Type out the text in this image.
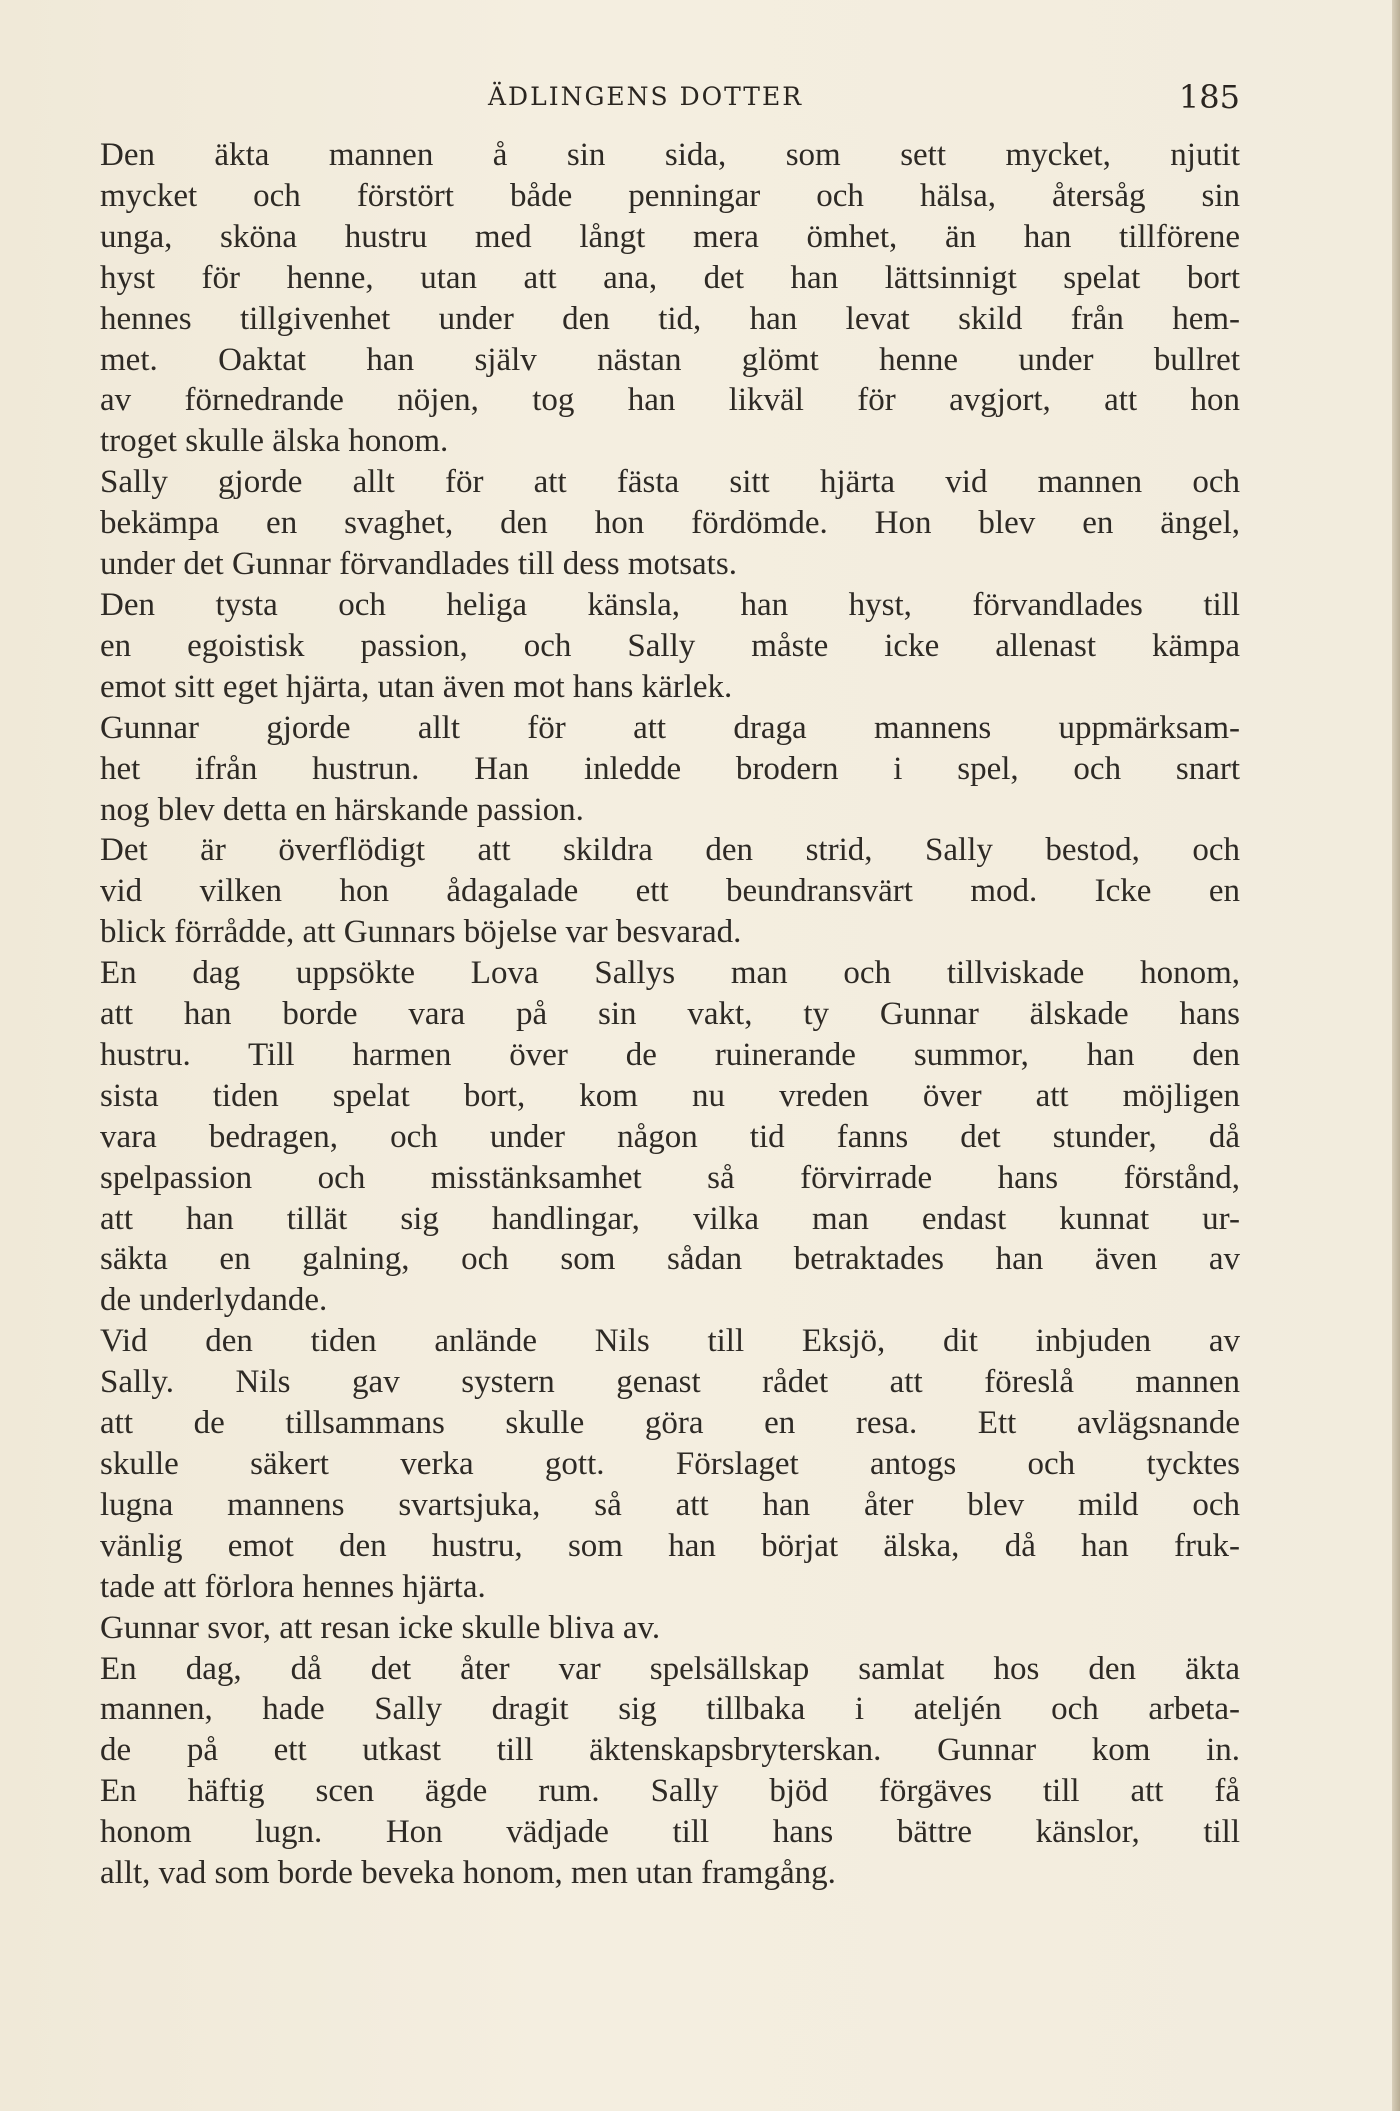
ÄDLINGENS DOTTER	185

Den äkta mannen å sin sida, som sett mycket, njutit
mycket och förstört både penningar och hälsa, återsåg sin
unga, sköna hustru med långt mera ömhet, än han tillförene
hyst för henne, utan att ana, det han lättsinnigt spelat bort
hennes tillgivenhet under den tid, han levat skild från hem-
met. Oaktat han själv nästan glömt henne under bullret
av förnedrande nöjen, tog han likväl för avgjort, att hon
troget skulle älska honom.

Sally gjorde allt för att fästa sitt hjärta vid mannen och
bekämpa en svaghet, den hon fördömde. Hon blev en ängel,
under det Gunnar förvandlades till dess motsats.

Den tysta och heliga känsla, han hyst, förvandlades till
en egoistisk passion, och Sally måste icke allenast kämpa
emot sitt eget hjärta, utan även mot hans kärlek.

Gunnar gjorde allt för att draga mannens uppmärksam-
het ifrån hustrun. Han inledde brodern i spel, och snart
nog blev detta en härskande passion.

Det är överflödigt att skildra den strid, Sally bestod, och
vid vilken hon ådagalade ett beundransvärt mod. Icke en
blick förrådde, att Gunnars böjelse var besvarad.

En dag uppsökte Lova Sallys man och tillviskade honom,
att han borde vara på sin vakt, ty Gunnar älskade hans
hustru. Till harmen över de ruinerande summor, han den
sista tiden spelat bort, kom nu vreden över att möjligen
vara bedragen, och under någon tid fanns det stunder, då
spelpassion och misstänksamhet så förvirrade hans förstånd,
att han tillät sig handlingar, vilka man endast kunnat ur-
säkta en galning, och som sådan betraktades han även av
de underlydande.

Vid den tiden anlände Nils till Eksjö, dit inbjuden av
Sally. Nils gav systern genast rådet att föreslå mannen
att de tillsammans skulle göra en resa. Ett avlägsnande
skulle säkert verka gott. Förslaget antogs och tycktes
lugna mannens svartsjuka, så att han åter blev mild och
vänlig emot den hustru, som han börjat älska, då han fruk-
tade att förlora hennes hjärta.

Gunnar svor, att resan icke skulle bliva av.

En dag, då det åter var spelsällskap samlat hos den äkta
mannen, hade Sally dragit sig tillbaka i ateljén och arbeta-
de på ett utkast till äktenskapsbryterskan. Gunnar kom in.
En häftig scen ägde rum. Sally bjöd förgäves till att få
honom lugn. Hon vädjade till hans bättre känslor, till
allt, vad som borde beveka honom, men utan framgång.
